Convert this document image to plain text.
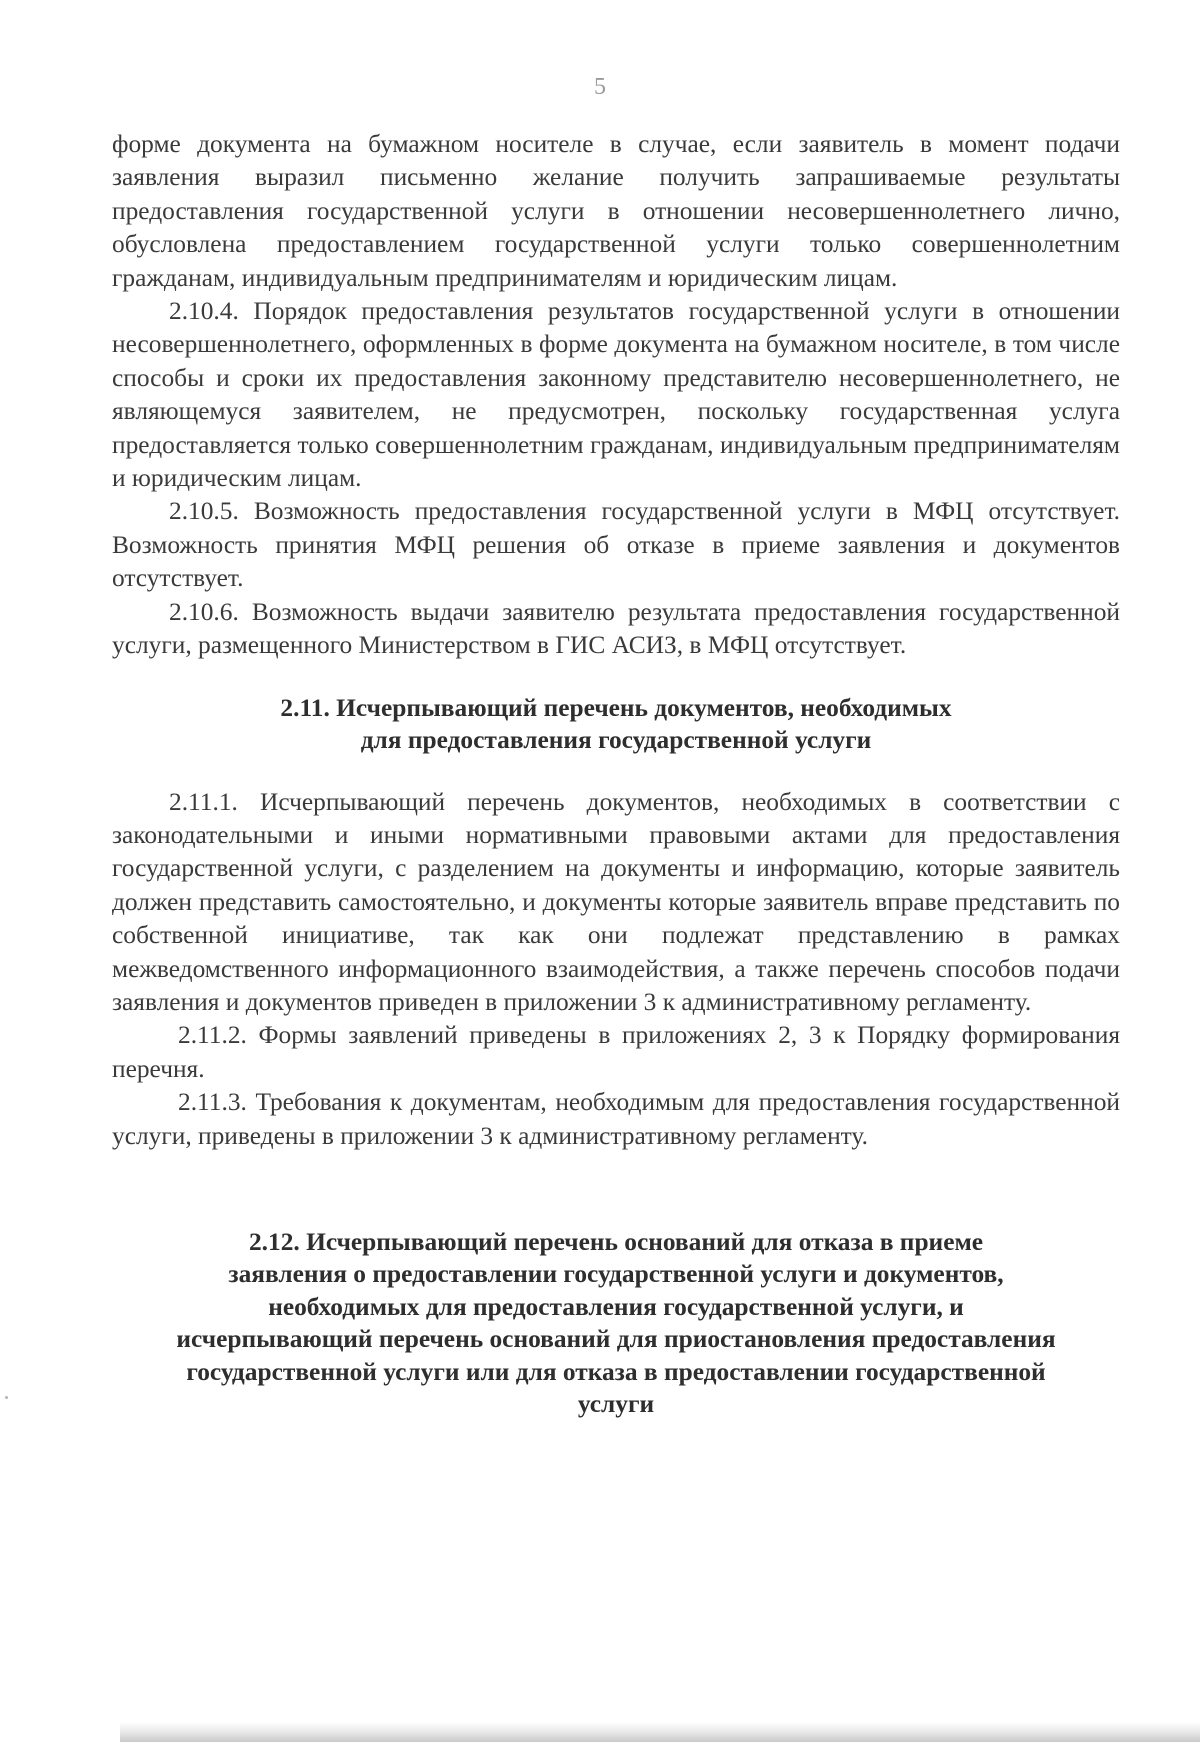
5

форме документа на бумажном носителе в случае, если заявитель в момент подачи заявления выразил письменно желание получить запрашиваемые результаты предоставления государственной услуги в отношении несовершеннолетнего лично, обусловлена предоставлением государственной услуги только совершеннолетним гражданам, индивидуальным предпринимателям и юридическим лицам.

2.10.4. Порядок предоставления результатов государственной услуги в отношении несовершеннолетнего, оформленных в форме документа на бумажном носителе, в том числе способы и сроки их предоставления законному представителю несовершеннолетнего, не являющемуся заявителем, не предусмотрен, поскольку государственная услуга предоставляется только совершеннолетним гражданам, индивидуальным предпринимателям и юридическим лицам.

2.10.5. Возможность предоставления государственной услуги в МФЦ отсутствует. Возможность принятия МФЦ решения об отказе в приеме заявления и документов отсутствует.

2.10.6. Возможность выдачи заявителю результата предоставления государственной услуги, размещенного Министерством в ГИС АСИЗ, в МФЦ отсутствует.

2.11. Исчерпывающий перечень документов, необходимых
для предоставления государственной услуги

2.11.1. Исчерпывающий перечень документов, необходимых в соответствии с законодательными и иными нормативными правовыми актами для предоставления государственной услуги, с разделением на документы и информацию, которые заявитель должен представить самостоятельно, и документы которые заявитель вправе представить по собственной инициативе, так как они подлежат представлению в рамках межведомственного информационного взаимодействия, а также перечень способов подачи заявления и документов приведен в приложении 3 к административному регламенту.

2.11.2. Формы заявлений приведены в приложениях 2, 3 к Порядку формирования перечня.

2.11.3. Требования к документам, необходимым для предоставления государственной услуги, приведены в приложении 3 к административному регламенту.

2.12. Исчерпывающий перечень оснований для отказа в приеме
заявления о предоставлении государственной услуги и документов,
необходимых для предоставления государственной услуги, и
исчерпывающий перечень оснований для приостановления предоставления
государственной услуги или для отказа в предоставлении государственной
услуги
